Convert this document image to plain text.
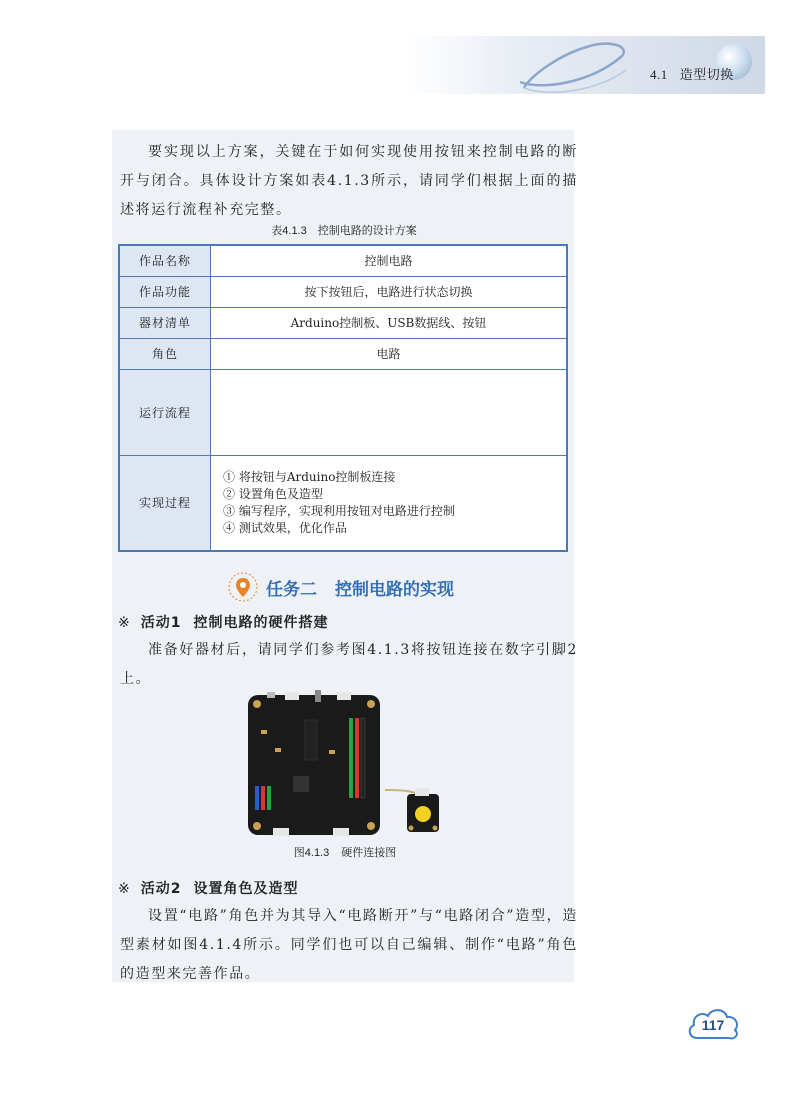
4.1 造型切换

要实现以上方案，关键在于如何实现使用按钮来控制电路的断开与闭合。具体设计方案如表4.1.3所示，请同学们根据上面的描述将运行流程补充完整。

表4.1.3　控制电路的设计方案
作品名称	控制电路
作品功能	按下按钮后，电路进行状态切换
器材清单	Arduino控制板、USB数据线、按钮
角色	电路
运行流程	
实现过程	① 将按钮与Arduino控制板连接
② 设置角色及造型
③ 编写程序，实现利用按钮对电路进行控制
④ 测试效果，优化作品
任务二 控制电路的实现
※ 活动1 控制电路的硬件搭建

准备好器材后，请同学们参考图4.1.3将按钮连接在数字引脚2上。

图4.1.3 硬件连接图
※ 活动2 设置角色及造型

设置“电路”角色并为其导入“电路断开”与“电路闭合”造型，造型素材如图4.1.4所示。同学们也可以自己编辑、制作“电路”角色的造型来完善作品。

117
